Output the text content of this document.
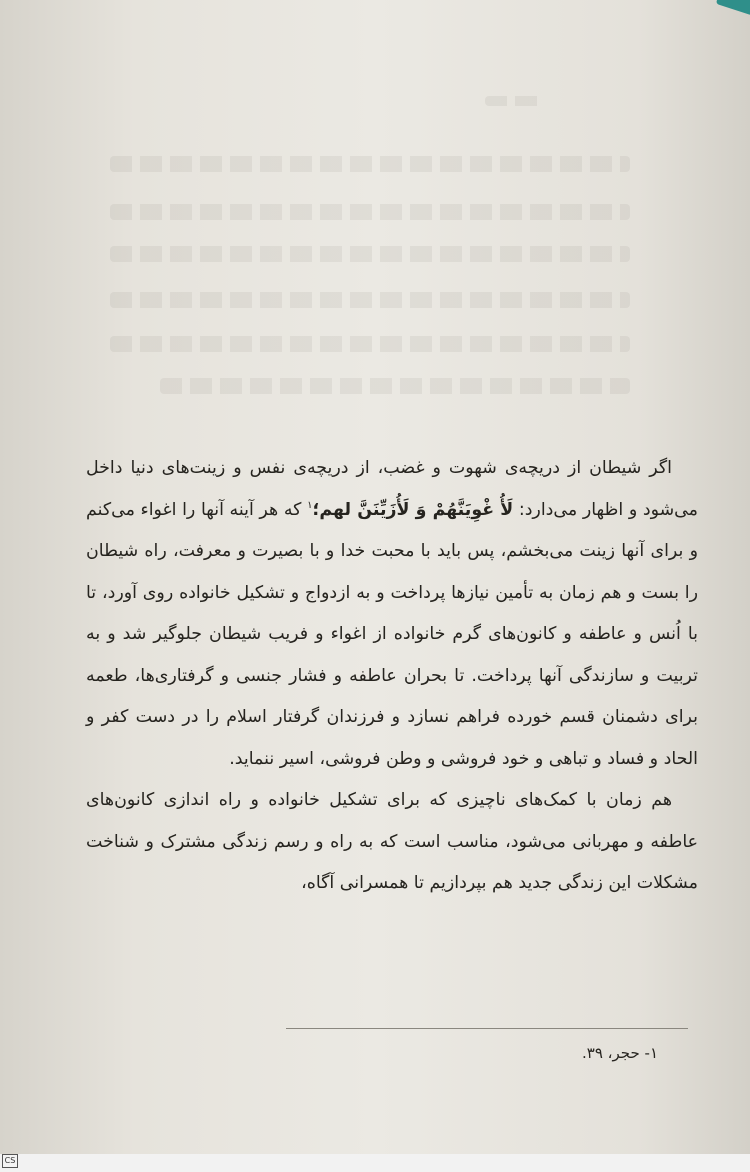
اگر شیطان از دریچه‌ی شهوت و غضب، از دریچه‌ی نفس و زینت‌های دنیا داخل می‌شود و اظهار می‌دارد: لَأُ غْوِيَنَّهُمْ وَ لَأُزَيِّنَنَّ لهم؛$^١$ که هر آینه آنها را اغواء می‌کنم و برای آنها زینت می‌بخشم، پس باید با محبت خدا و با بصیرت و معرفت، راه شیطان را بست و هم زمان به تأمین نیازها پرداخت و به ازدواج و تشکیل خانواده روی آورد، تا با اُنس و عاطفه و کانون‌های گرم خانواده از اغواء و فریب شیطان جلوگیر شد و به تربیت و سازندگی آنها پرداخت. تا بحران عاطفه و فشار جنسی و گرفتاری‌ها، طعمه برای دشمنان قسم خورده فراهم نسازد و فرزندان گرفتار اسلام را در دست کفر و الحاد و فساد و تباهی و خود فروشی و وطن فروشی، اسیر ننماید.

هم زمان با کمک‌های ناچیزی که برای تشکیل خانواده و راه اندازی کانون‌های عاطفه و مهربانی می‌شود، مناسب است که به راه و رسم زندگی مشترک و شناخت مشکلات این زندگی جدید هم بپردازیم تا همسرانی آگاه،

١- حجر، ٣٩.
CS
